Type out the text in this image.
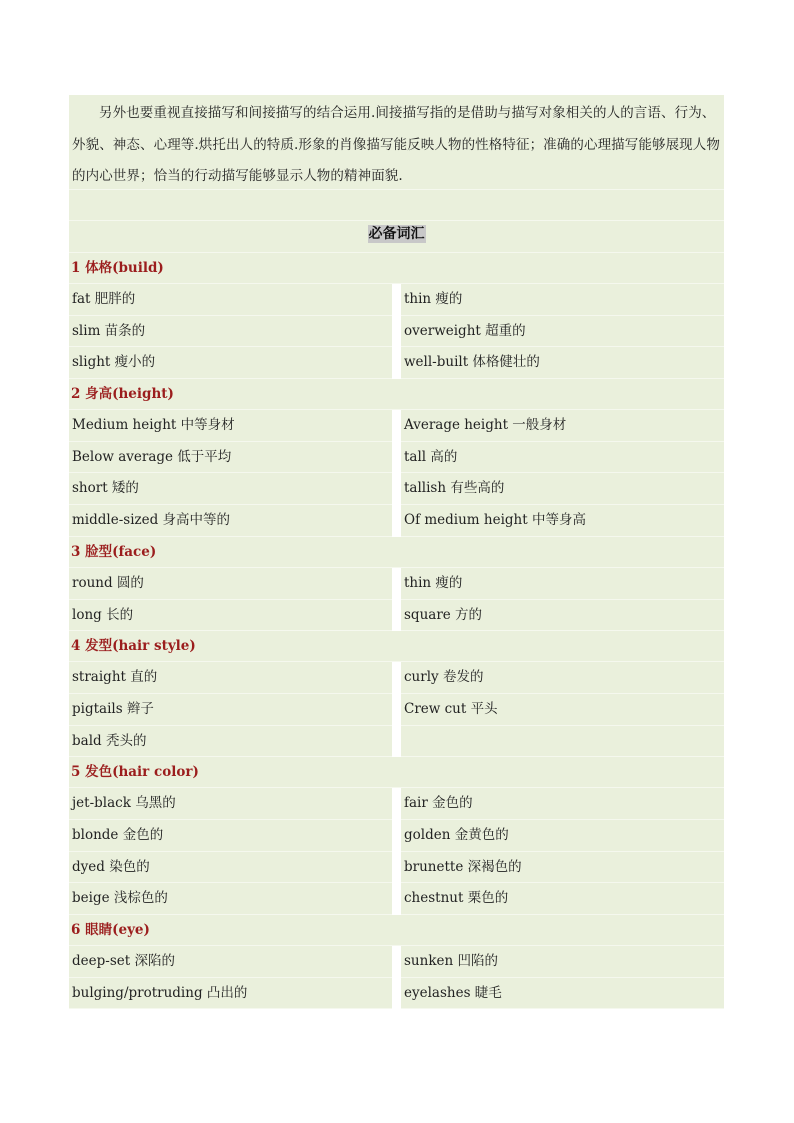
另外也要重视直接描写和间接描写的结合运用.间接描写指的是借助与描写对象相关的人的言语、行为、外貌、神态、心理等.烘托出人的特质.形象的肖像描写能反映人物的性格特征；准确的心理描写能够展现人物的内心世界；恰当的行动描写能够显示人物的精神面貌.
必备词汇
1 体格(build)
fat 肥胖的	thin 瘦的
slim 苗条的	overweight 超重的
slight 瘦小的	well-built 体格健壮的
2 身高(height)
Medium height 中等身材	Average height 一般身材
Below average 低于平均	tall 高的
short 矮的	tallish 有些高的
middle-sized 身高中等的	Of medium height 中等身高
3 脸型(face)
round 圆的	thin 瘦的
long 长的	square 方的
4 发型(hair style)
straight 直的	curly 卷发的
pigtails 辫子	Crew cut 平头
bald 秃头的
5 发色(hair color)
jet-black 乌黑的	fair 金色的
blonde 金色的	golden 金黄色的
dyed 染色的	brunette 深褐色的
beige 浅棕色的	chestnut 栗色的
6 眼睛(eye)
deep-set 深陷的	sunken 凹陷的
bulging/protruding 凸出的	eyelashes 睫毛
